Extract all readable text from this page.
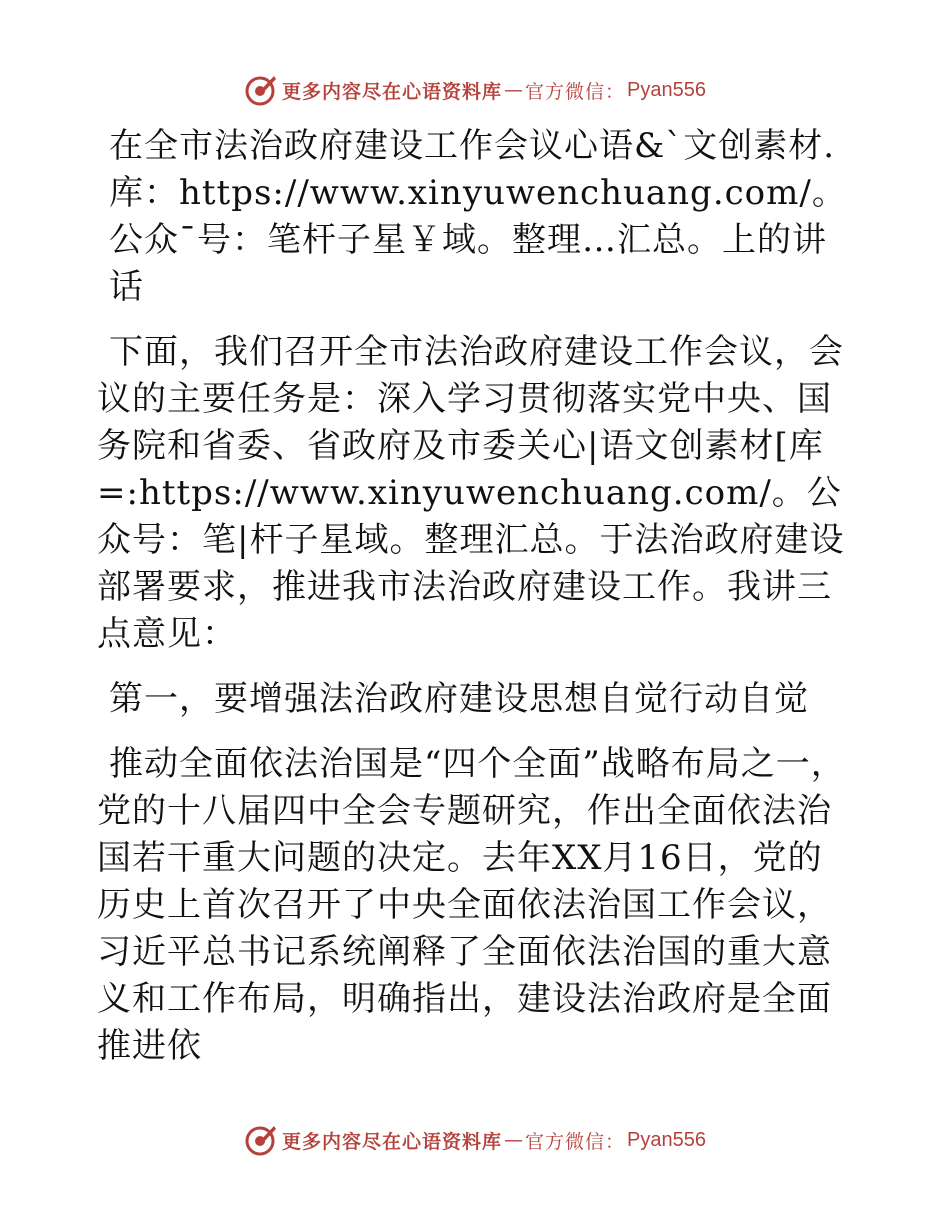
更多内容尽在心语资料库 — 官方微信： Pyan556

在全市法治政府建设工作会议心语&`文创素材.库：https://www.xinyuwenchuang.com/。公众¯号：笔杆子星￥域。整理…汇总。上的讲话

下面，我们召开全市法治政府建设工作会议，会议的主要任务是：深入学习贯彻落实党中央、国务院和省委、省政府及市委关心|语文创素材[库=:https://www.xinyuwenchuang.com/。公众号：笔|杆子星域。整理汇总。于法治政府建设部署要求，推进我市法治政府建设工作。我讲三点意见：

第一，要增强法治政府建设思想自觉行动自觉

推动全面依法治国是“四个全面”战略布局之一，党的十八届四中全会专题研究，作出全面依法治国若干重大问题的决定。去年XX月16日，党的历史上首次召开了中央全面依法治国工作会议，习近平总书记系统阐释了全面依法治国的重大意义和工作布局，明确指出，建设法治政府是全面推进依

更多内容尽在心语资料库 — 官方微信： Pyan556
